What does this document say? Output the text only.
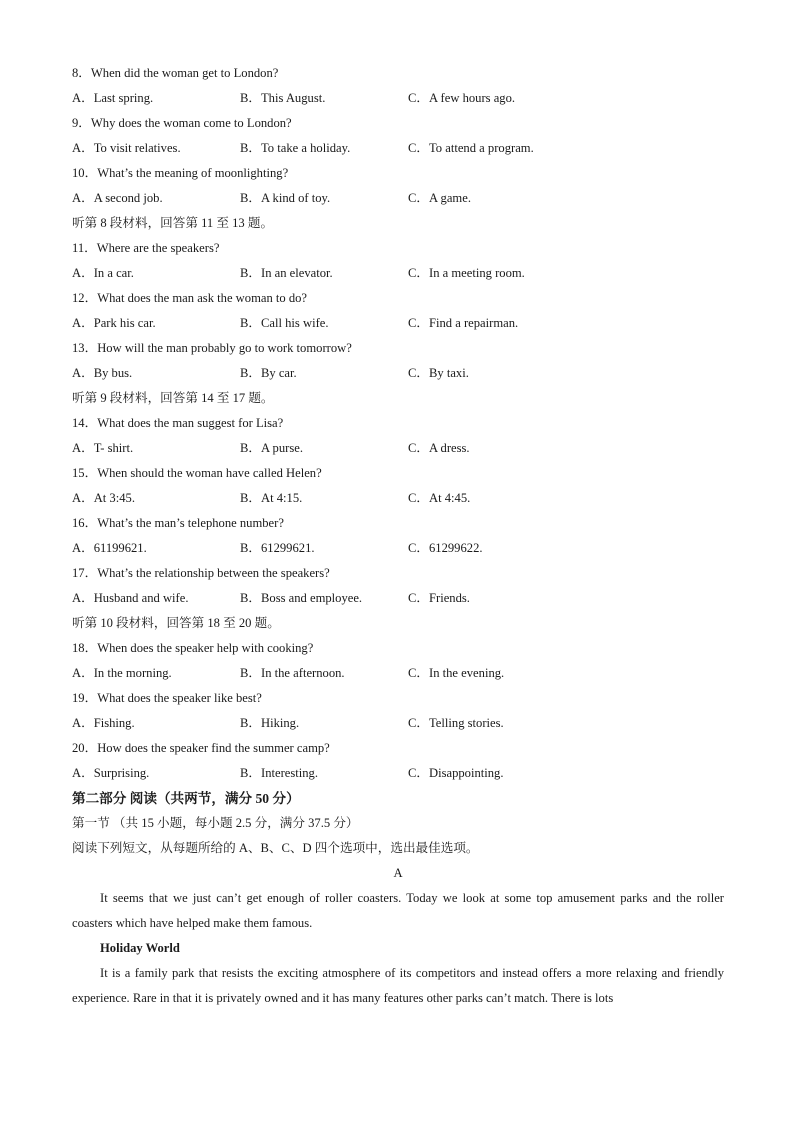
8．When did the woman get to London?
A．Last spring.	B．This August.	C．A few hours ago.
9．Why does the woman come to London?
A．To visit relatives.	B．To take a holiday.	C．To attend a program.
10．What’s the meaning of moonlighting?
A．A second job.	B．A kind of toy.	C．A game.
听第 8 段材料，回答第 11 至 13 题。
11．Where are the speakers?
A．In a car.	B．In an elevator.	C．In a meeting room.
12．What does the man ask the woman to do?
A．Park his car.	B．Call his wife.	C．Find a repairman.
13．How will the man probably go to work tomorrow?
A．By bus.	B．By car.	C．By taxi.
听第 9 段材料，回答第 14 至 17 题。
14．What does the man suggest for Lisa?
A．T- shirt.	B．A purse.	C．A dress.
15．When should the woman have called Helen?
A．At 3:45.	B．At 4:15.	C．At 4:45.
16．What’s the man’s telephone number?
A．61199621.	B．61299621.	C．61299622.
17．What’s the relationship between the speakers?
A．Husband and wife.	B．Boss and employee.	C．Friends.
听第 10 段材料，回答第 18 至 20 题。
18．When does the speaker help with cooking?
A．In the morning.	B．In the afternoon.	C．In the evening.
19．What does the speaker like best?
A．Fishing.	B．Hiking.	C．Telling stories.
20．How does the speaker find the summer camp?
A．Surprising.	B．Interesting.	C．Disappointing.
第二部分 阅读（共两节，满分 50 分）
第一节 （共 15 小题，每小题 2.5 分，满分 37.5 分）
阅读下列短文，从每题所给的 A、B、C、D 四个选项中，选出最佳选项。
A
It seems that we just can’t get enough of roller coasters. Today we look at some top amusement parks and the roller coasters which have helped make them famous.
Holiday World
It is a family park that resists the exciting atmosphere of its competitors and instead offers a more relaxing and friendly experience. Rare in that it is privately owned and it has many features other parks can’t match. There is lots
